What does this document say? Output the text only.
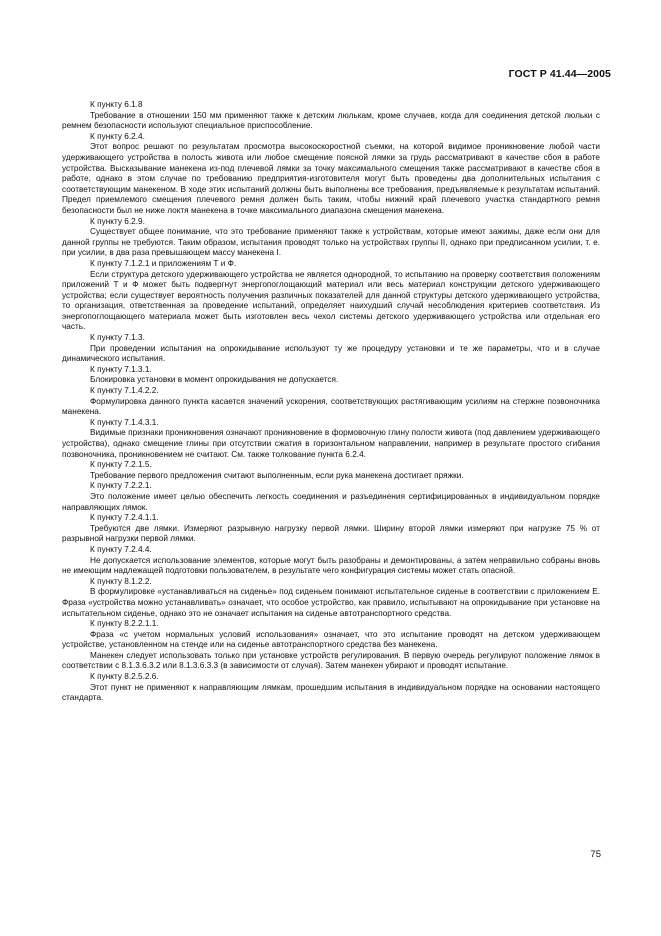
ГОСТ Р 41.44—2005

К пункту 6.1.8

Требование в отношении 150 мм применяют также к детским люлькам, кроме случаев, когда для соединения детской люльки с ремнем безопасности используют специальное приспособление.

К пункту 6.2.4.

Этот вопрос решают по результатам просмотра высокоскоростной съемки, на которой видимое проникновение любой части удерживающего устройства в полость живота или любое смещение поясной лямки за грудь рассматривают в качестве сбоя в работе устройства. Высказывание манекена из-под плечевой лямки за точку максимального смещения также рассматривают в качестве сбоя в работе, однако в этом случае по требованию предприятия-изготовителя могут быть проведены два дополнительных испытания с соответствующим манекеном. В ходе этих испытаний должны быть выполнены все требования, предъявляемые к результатам испытаний. Предел приемлемого смещения плечевого ремня должен быть таким, чтобы нижний край плечевого участка стандартного ремня безопасности был не ниже локтя манекена в точке максимального диапазона смещения манекена.

К пункту 6.2.9.

Существует общее понимание, что это требование применяют также к устройствам, которые имеют зажимы, даже если они для данной группы не требуются. Таким образом, испытания проводят только на устройствах группы II, однако при предписанном усилии, т. е. при усилии, в два раза превышающем массу манекена I.

К пункту 7.1.2.1 и приложениям Т и Ф.

Если структура детского удерживающего устройства не является однородной, то испытанию на проверку соответствия положениям приложений Т и Ф может быть подвергнут энергопоглощающий материал или весь материал конструкции детского удерживающего устройства; если существует вероятность получения различных показателей для данной структуры детского удерживающего устройства, то организация, ответственная за проведение испытаний, определяет наихудший случай несоблюдения критериев соответствия. Из энергопоглощающего материала может быть изготовлен весь чехол системы детского удерживающего устройства или отдельная его часть.

К пункту 7.1.3.

При проведении испытания на опрокидывание используют ту же процедуру установки и те же параметры, что и в случае динамического испытания.

К пункту 7.1.3.1.

Блокировка установки в момент опрокидывания не допускается.

К пункту 7.1.4.2.2.

Формулировка данного пункта касается значений ускорения, соответствующих растягивающим усилиям на стержне позвоночника манекена.

К пункту 7.1.4.3.1.

Видимые признаки проникновения означают проникновение в формовочную глину полости живота (под давлением удерживающего устройства), однако смещение глины при отсутствии сжатия в горизонтальном направлении, например в результате простого сгибания позвоночника, проникновением не считают. См. также толкование пункта 6.2.4.

К пункту 7.2.1.5.

Требование первого предложения считают выполненным, если рука манекена достигает пряжки.

К пункту 7.2.2.1.

Это положение имеет целью обеспечить легкость соединения и разъединения сертифицированных в индивидуальном порядке направляющих лямок.

К пункту 7.2.4.1.1.

Требуются две лямки. Измеряют разрывную нагрузку первой лямки. Ширину второй лямки измеряют при нагрузке 75 % от разрывной нагрузки первой лямки.

К пункту 7.2.4.4.

Не допускается использование элементов, которые могут быть разобраны и демонтированы, а затем неправильно собраны вновь не имеющим надлежащей подготовки пользователем, в результате чего конфигурация системы может стать опасной.

К пункту 8.1.2.2.

В формулировке «устанавливаться на сиденье» под сиденьем понимают испытательное сиденье в соответствии с приложением Е. Фраза «устройства можно устанавливать» означает, что особое устройство, как правило, испытывают на опрокидывание при установке на испытательном сиденье, однако это не означает испытания на сиденье автотранспортного средства.

К пункту 8.2.2.1.1.

Фраза «с учетом нормальных условий использования» означает, что это испытание проводят на детском удерживающем устройстве, установленном на стенде или на сиденье автотранспортного средства без манекена.

Манекен следует использовать только при установке устройств регулирования. В первую очередь регулируют положение лямок в соответствии с 8.1.3.6.3.2 или 8.1.3.6.3.3 (в зависимости от случая). Затем манекен убирают и проводят испытание.

К пункту 8.2.5.2.6.

Этот пункт не применяют к направляющим лямкам, прошедшим испытания в индивидуальном порядке на основании настоящего стандарта.

75
